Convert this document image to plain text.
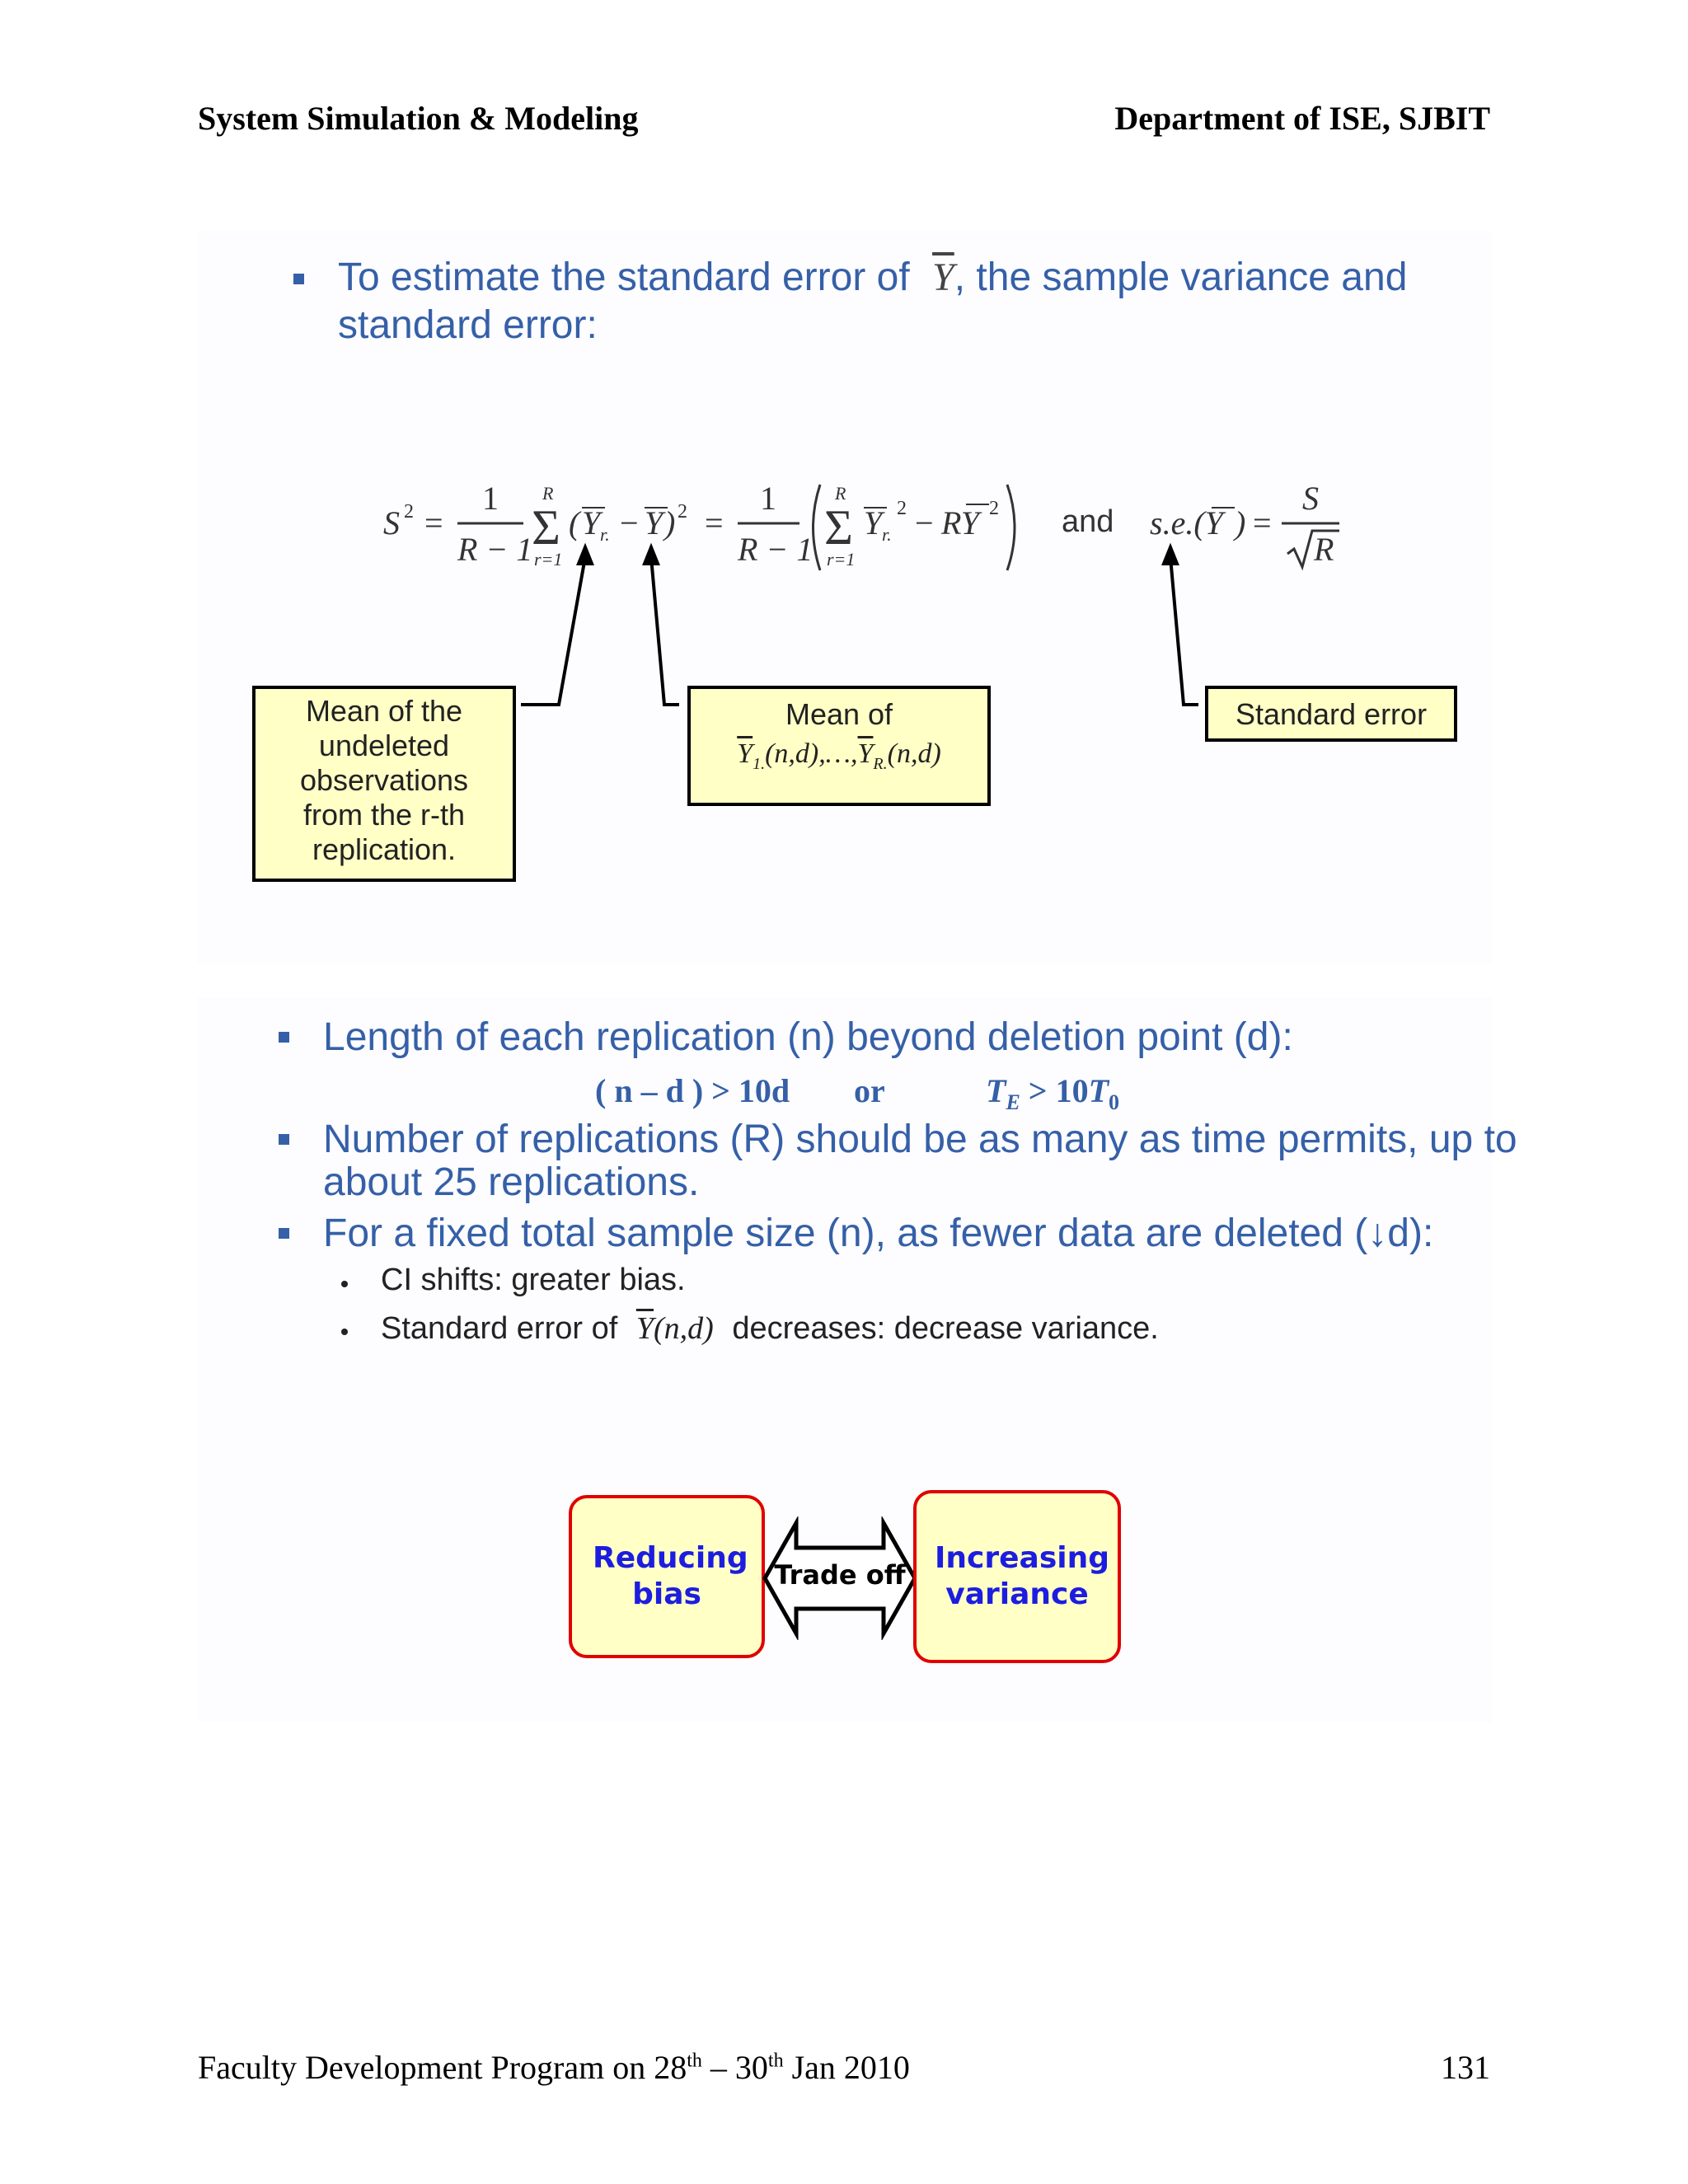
System Simulation & Modeling	Department of ISE, SJBIT
To estimate the standard error of $\overline{Y}$, the sample variance and
standard error:
S 2 =
1
R − 1
Σ
R
r=1
( Y r. − Y ) 2 =
1
R − 1 Σ
R
r=1
Y r.
2 − RY 2	s.e.(Y ) =
S
R
and
Mean of the
undeleted
observations
from the r-th
replication.
Mean of
$\overline{Y}_{1.}(n,d),\dots,\overline{Y}_{R.}(n,d)$
Standard error
Length of each replication (n) beyond deletion point (d):
( n – d ) > 10d or	$T_E > 10T_0$
Number of replications (R) should be as many as time permits, up to
about 25 replications.
For a fixed total sample size (n), as fewer data are deleted (↓d):
CI shifts: greater bias.
Standard error of $\overline{Y}(n,d)$ decreases: decrease variance.
Reducing bias
Trade off Increasing variance
Faculty Development Program on 28th – 30th Jan 2010	131
